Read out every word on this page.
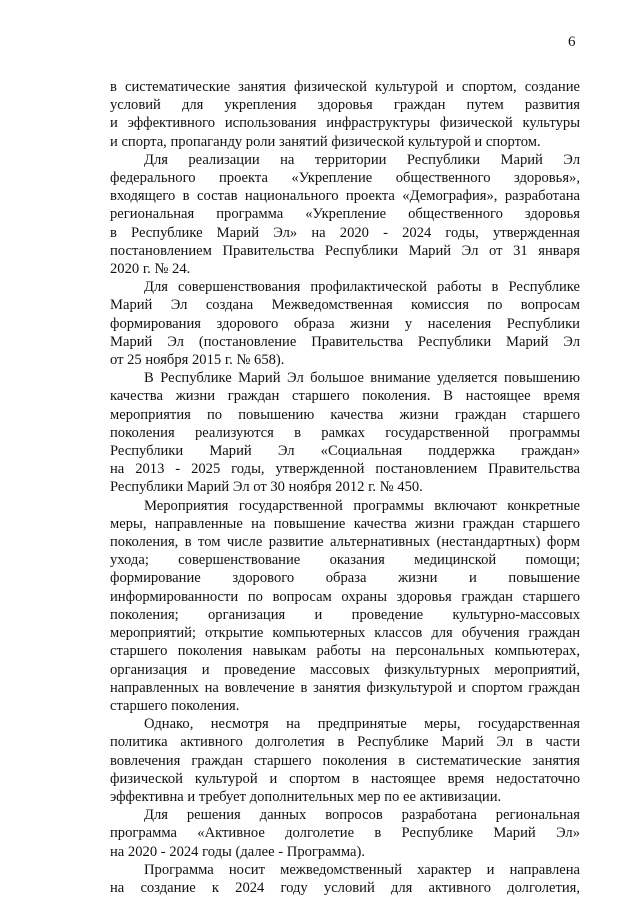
6
в систематические занятия физической культурой и спортом, создание
условий для укрепления здоровья граждан путем развития
и эффективного использования инфраструктуры физической культуры
и спорта, пропаганду роли занятий физической культурой и спортом.
Для реализации на территории Республики Марий Эл
федерального проекта «Укрепление общественного здоровья»,
входящего в состав национального проекта «Демография», разработана
региональная программа «Укрепление общественного здоровья
в Республике Марий Эл» на 2020 - 2024 годы, утвержденная
постановлением Правительства Республики Марий Эл от 31 января
2020 г. № 24.
Для совершенствования профилактической работы в Республике
Марий Эл создана Межведомственная комиссия по вопросам
формирования здорового образа жизни у населения Республики
Марий Эл (постановление Правительства Республики Марий Эл
от 25 ноября 2015 г. № 658).
В Республике Марий Эл большое внимание уделяется повышению
качества жизни граждан старшего поколения. В настоящее время
мероприятия по повышению качества жизни граждан старшего
поколения реализуются в рамках государственной программы
Республики Марий Эл «Социальная поддержка граждан»
на 2013 - 2025 годы, утвержденной постановлением Правительства
Республики Марий Эл от 30 ноября 2012 г. № 450.
Мероприятия государственной программы включают конкретные
меры, направленные на повышение качества жизни граждан старшего
поколения, в том числе развитие альтернативных (нестандартных) форм
ухода; совершенствование оказания медицинской помощи;
формирование здорового образа жизни и повышение
информированности по вопросам охраны здоровья граждан старшего
поколения; организация и проведение культурно-массовых
мероприятий; открытие компьютерных классов для обучения граждан
старшего поколения навыкам работы на персональных компьютерах,
организация и проведение массовых физкультурных мероприятий,
направленных на вовлечение в занятия физкультурой и спортом граждан
старшего поколения.
Однако, несмотря на предпринятые меры, государственная
политика активного долголетия в Республике Марий Эл в части
вовлечения граждан старшего поколения в систематические занятия
физической культурой и спортом в настоящее время недостаточно
эффективна и требует дополнительных мер по ее активизации.
Для решения данных вопросов разработана региональная
программа «Активное долголетие в Республике Марий Эл»
на 2020 - 2024 годы (далее - Программа).
Программа носит межведомственный характер и направлена
на создание к 2024 году условий для активного долголетия,
